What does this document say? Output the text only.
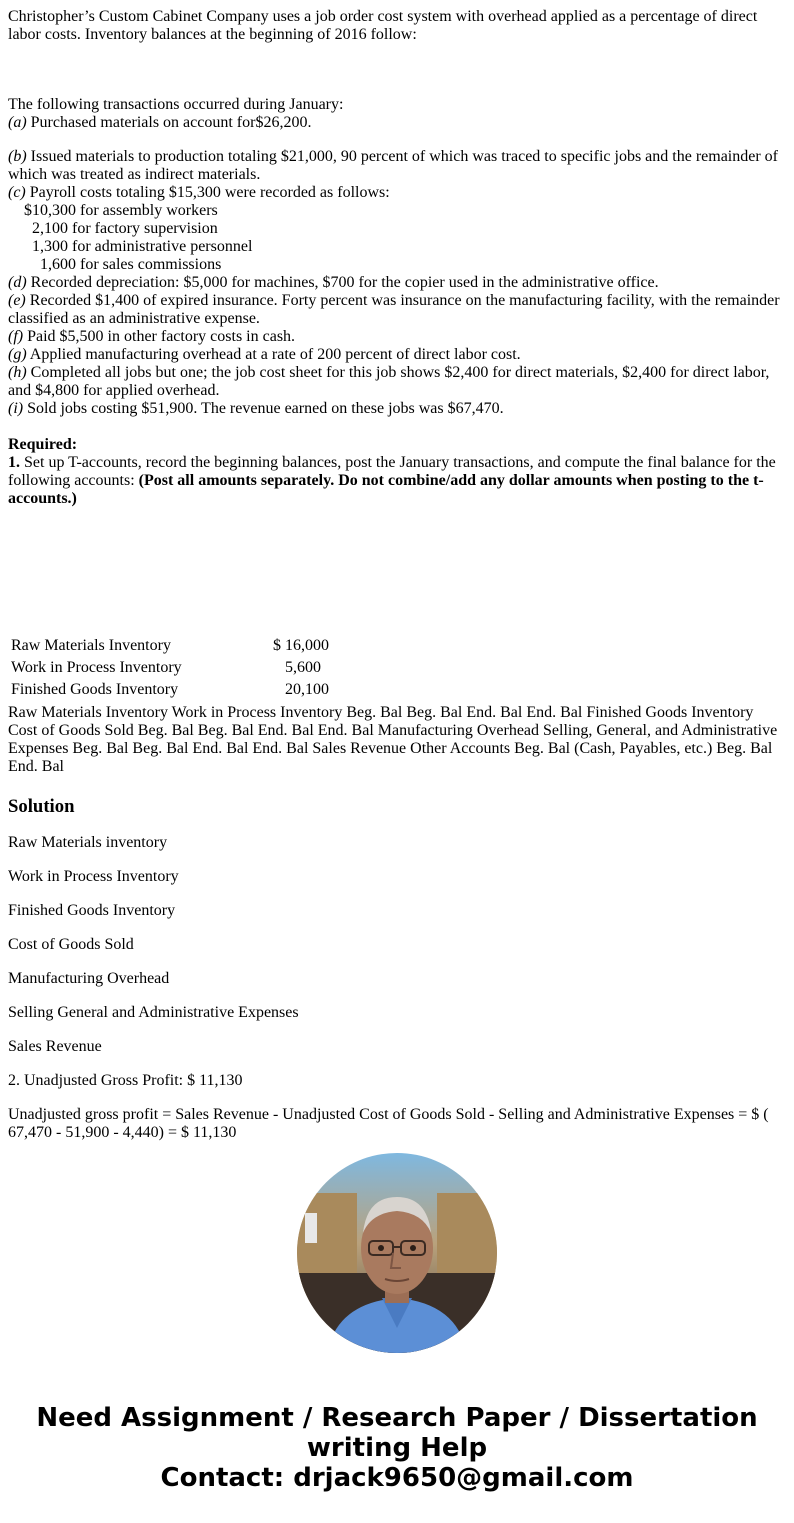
Christopher’s Custom Cabinet Company uses a job order cost system with overhead applied as a percentage of direct labor costs. Inventory balances at the beginning of 2016 follow:

The following transactions occurred during January:

(a) Purchased materials on account for$26,200.

(b) Issued materials to production totaling $21,000, 90 percent of which was traced to specific jobs and the remainder of which was treated as indirect materials.

(c) Payroll costs totaling $15,300 were recorded as follows:

$10,300 for assembly workers

2,100 for factory supervision

1,300 for administrative personnel

1,600 for sales commissions

(d) Recorded depreciation: $5,000 for machines, $700 for the copier used in the administrative office.

(e) Recorded $1,400 of expired insurance. Forty percent was insurance on the manufacturing facility, with the remainder classified as an administrative expense.

(f) Paid $5,500 in other factory costs in cash.

(g) Applied manufacturing overhead at a rate of 200 percent of direct labor cost.

(h) Completed all jobs but one; the job cost sheet for this job shows $2,400 for direct materials, $2,400 for direct labor, and $4,800 for applied overhead.

(i) Sold jobs costing $51,900. The revenue earned on these jobs was $67,470.

Required:

1. Set up T-accounts, record the beginning balances, post the January transactions, and compute the final balance for the following accounts: (Post all amounts separately. Do not combine/add any dollar amounts when posting to the t-accounts.)

Raw Materials Inventory	$ 16,000
Work in Process Inventory	5,600
Finished Goods Inventory	20,100

Raw Materials Inventory Work in Process Inventory Beg. Bal Beg. Bal End. Bal End. Bal Finished Goods Inventory Cost of Goods Sold Beg. Bal Beg. Bal End. Bal End. Bal Manufacturing Overhead Selling, General, and Administrative Expenses Beg. Bal Beg. Bal End. Bal End. Bal Sales Revenue Other Accounts Beg. Bal (Cash, Payables, etc.) Beg. Bal End. Bal

Solution

Raw Materials inventory

Work in Process Inventory

Finished Goods Inventory

Cost of Goods Sold

Manufacturing Overhead

Selling General and Administrative Expenses

Sales Revenue

2. Unadjusted Gross Profit: $ 11,130

Unadjusted gross profit = Sales Revenue - Unadjusted Cost of Goods Sold - Selling and Administrative Expenses = $ ( 67,470 - 51,900 - 4,440) = $ 11,130

Need Assignment / Research Paper / Dissertation
writing Help
Contact: drjack9650@gmail.com
